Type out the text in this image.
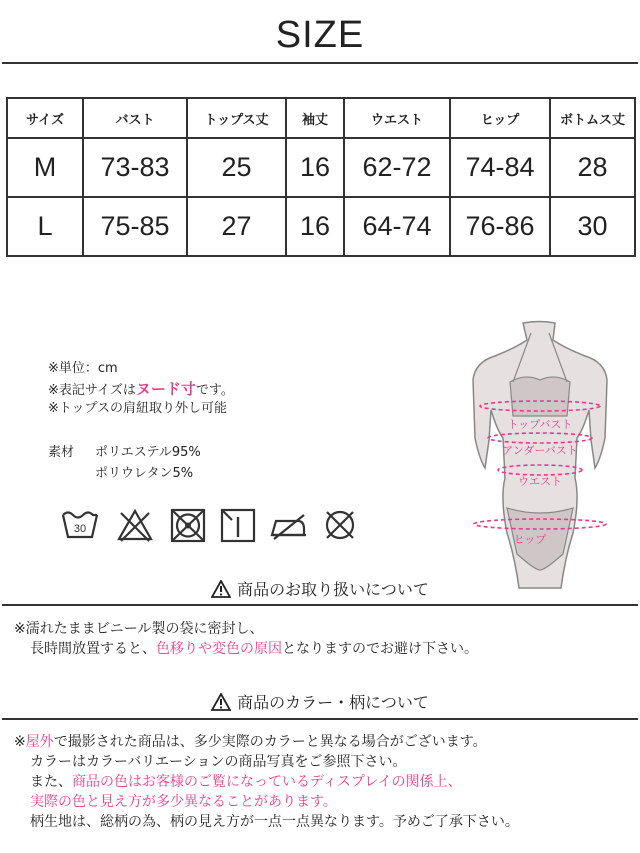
SIZE
サイズ	バスト	トップス丈	袖丈	ウエスト	ヒップ	ボトムス丈
M	73-83	25	16	62-72	74-84	28
L	75-85	27	16	64-74	76-86	30
※単位：cm
※表記サイズはヌード寸です。
※トップスの肩紐取り外し可能
素材 ポリエステル95%
ポリウレタン5%
30
トップバスト
アンダーバスト
ウエスト
ヒップ
商品のお取り扱いについて
※濡れたままビニール製の袋に密封し、
長時間放置すると、色移りや変色の原因となりますのでお避け下さい。
商品のカラー・柄について
※屋外で撮影された商品は、多少実際のカラーと異なる場合がございます。
カラーはカラーバリエーションの商品写真をご参照下さい。
また、商品の色はお客様のご覧になっているディスプレイの関係上、
実際の色と見え方が多少異なることがあります。
柄生地は、総柄の為、柄の見え方が一点一点異なります。予めご了承下さい。
